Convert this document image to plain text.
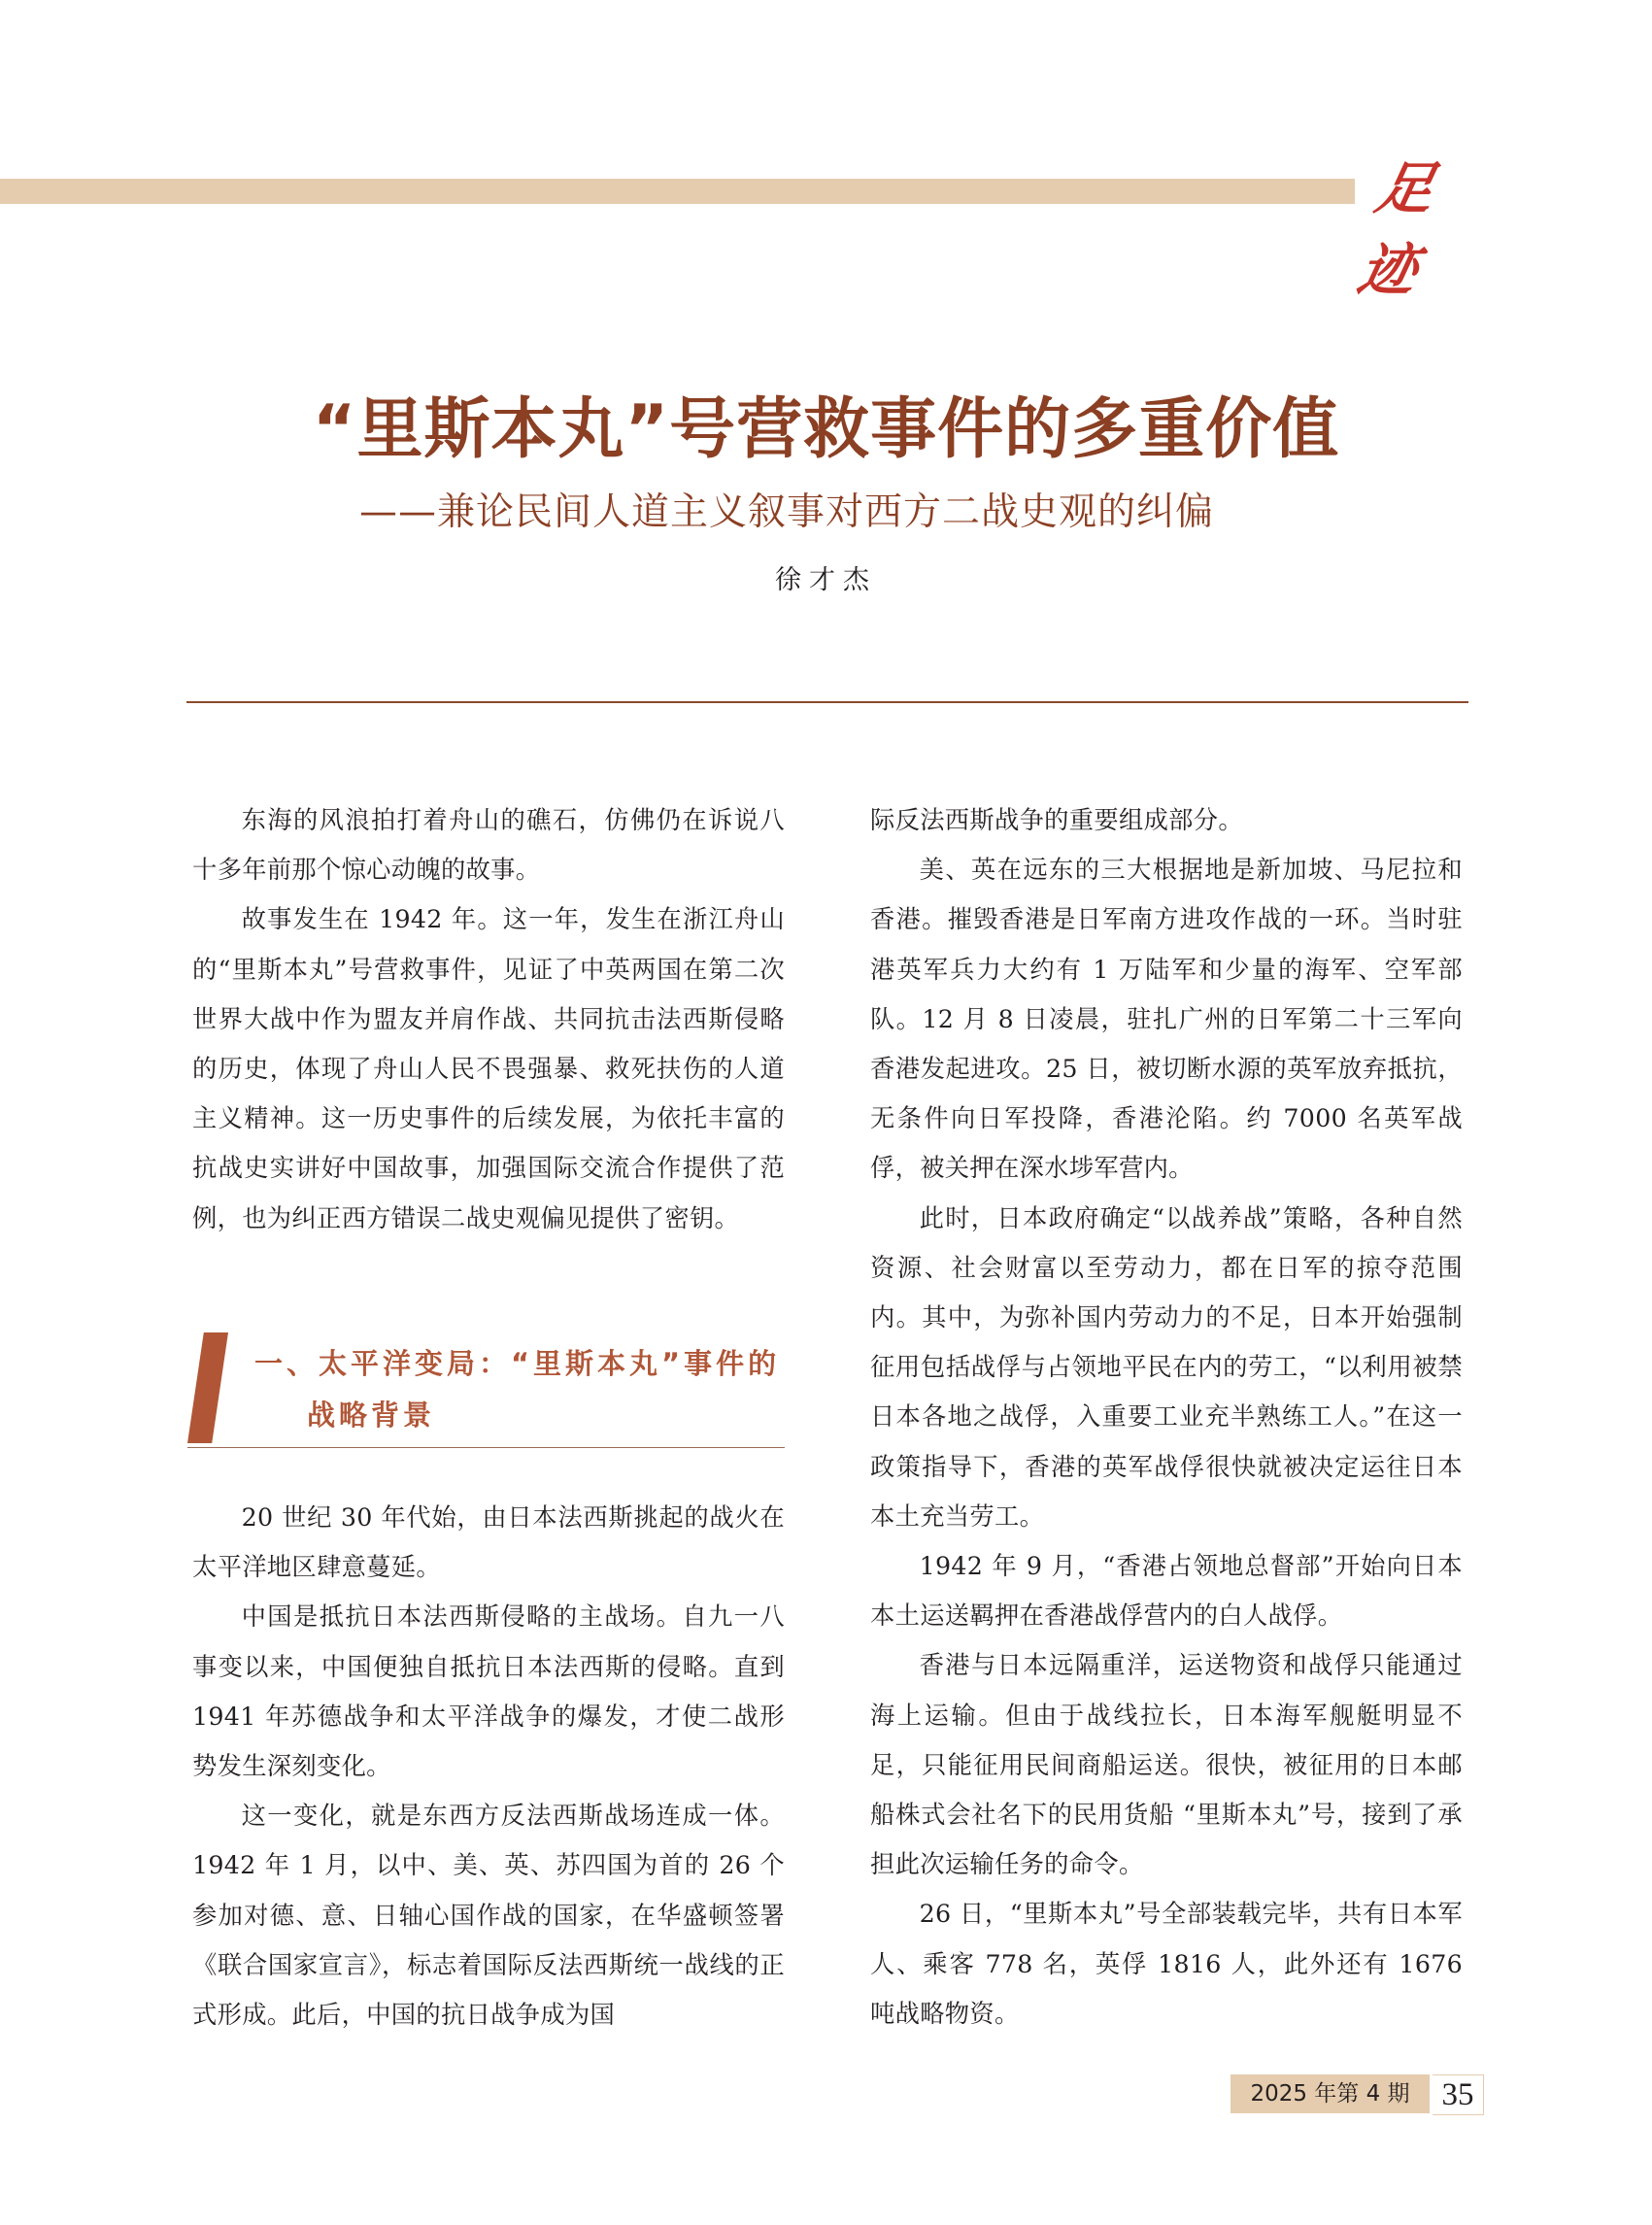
足迹
“里斯本丸”号营救事件的多重价值
——兼论民间人道主义叙事对西方二战史观的纠偏
徐才杰

东海的风浪拍打着舟山的礁石，仿佛仍在诉说八十多年前那个惊心动魄的故事。

故事发生在 1942 年。这一年，发生在浙江舟山的“里斯本丸”号营救事件，见证了中英两国在第二次世界大战中作为盟友并肩作战、共同抗击法西斯侵略的历史，体现了舟山人民不畏强暴、救死扶伤的人道主义精神。这一历史事件的后续发展，为依托丰富的抗战史实讲好中国故事，加强国际交流合作提供了范例，也为纠正西方错误二战史观偏见提供了密钥。

一、太平洋变局：“里斯本丸”事件的
战略背景

20 世纪 30 年代始，由日本法西斯挑起的战火在太平洋地区肆意蔓延。

中国是抵抗日本法西斯侵略的主战场。自九一八事变以来，中国便独自抵抗日本法西斯的侵略。直到 1941 年苏德战争和太平洋战争的爆发，才使二战形势发生深刻变化。

这一变化，就是东西方反法西斯战场连成一体。1942 年 1 月，以中、美、英、苏四国为首的 26 个参加对德、意、日轴心国作战的国家，在华盛顿签署《联合国家宣言》，标志着国际反法西斯统一战线的正式形成。此后，中国的抗日战争成为国

际反法西斯战争的重要组成部分。

美、英在远东的三大根据地是新加坡、马尼拉和香港。摧毁香港是日军南方进攻作战的一环。当时驻港英军兵力大约有 1 万陆军和少量的海军、空军部队。12 月 8 日凌晨，驻扎广州的日军第二十三军向香港发起进攻。25 日，被切断水源的英军放弃抵抗，无条件向日军投降，香港沦陷。约 7000 名英军战俘，被关押在深水埗军营内。

此时，日本政府确定“以战养战”策略，各种自然资源、社会财富以至劳动力，都在日军的掠夺范围内。其中，为弥补国内劳动力的不足，日本开始强制征用包括战俘与占领地平民在内的劳工，“以利用被禁日本各地之战俘，入重要工业充半熟练工人。”在这一政策指导下，香港的英军战俘很快就被决定运往日本本土充当劳工。

1942 年 9 月，“香港占领地总督部”开始向日本本土运送羁押在香港战俘营内的白人战俘。

香港与日本远隔重洋，运送物资和战俘只能通过海上运输。但由于战线拉长，日本海军舰艇明显不足，只能征用民间商船运送。很快，被征用的日本邮船株式会社名下的民用货船 “里斯本丸”号，接到了承担此次运输任务的命令。

26 日，“里斯本丸”号全部装载完毕，共有日本军人、乘客 778 名，英俘 1816 人，此外还有 1676 吨战略物资。

2025 年第 4 期 35
